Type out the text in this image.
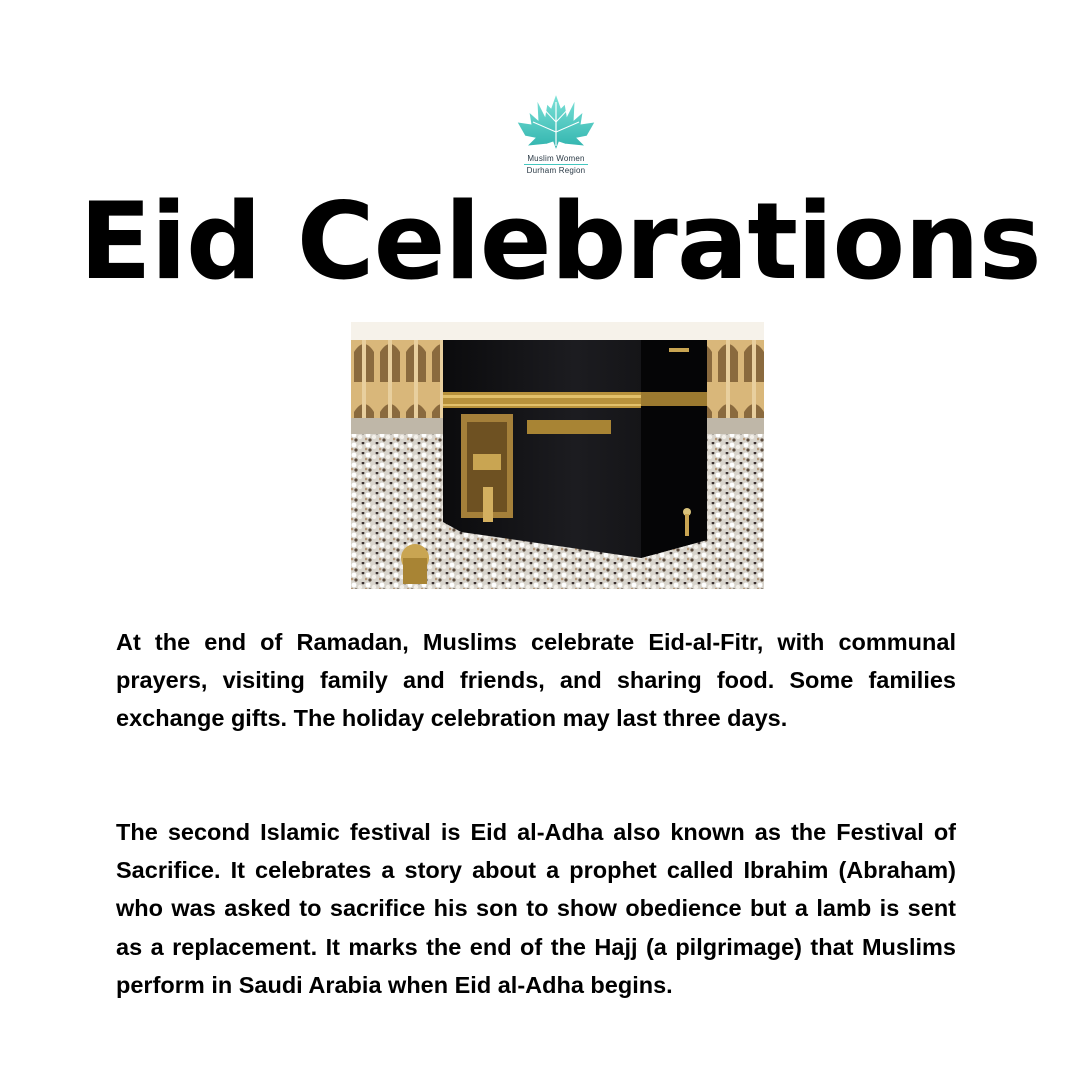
Muslim Women
Durham Region
Eid Celebrations

At the end of Ramadan, Muslims celebrate Eid-al-Fitr, with communal prayers, visiting family and friends, and sharing food. Some families exchange gifts. The holiday celebration may last three days.

The second Islamic festival is Eid al-Adha also known as the Festival of Sacrifice. It celebrates a story about a prophet called Ibrahim (Abraham) who was asked to sacrifice his son to show obedience but a lamb is sent as a replacement. It marks the end of the Hajj (a pilgrimage) that Muslims perform in Saudi Arabia when Eid al-Adha begins.
